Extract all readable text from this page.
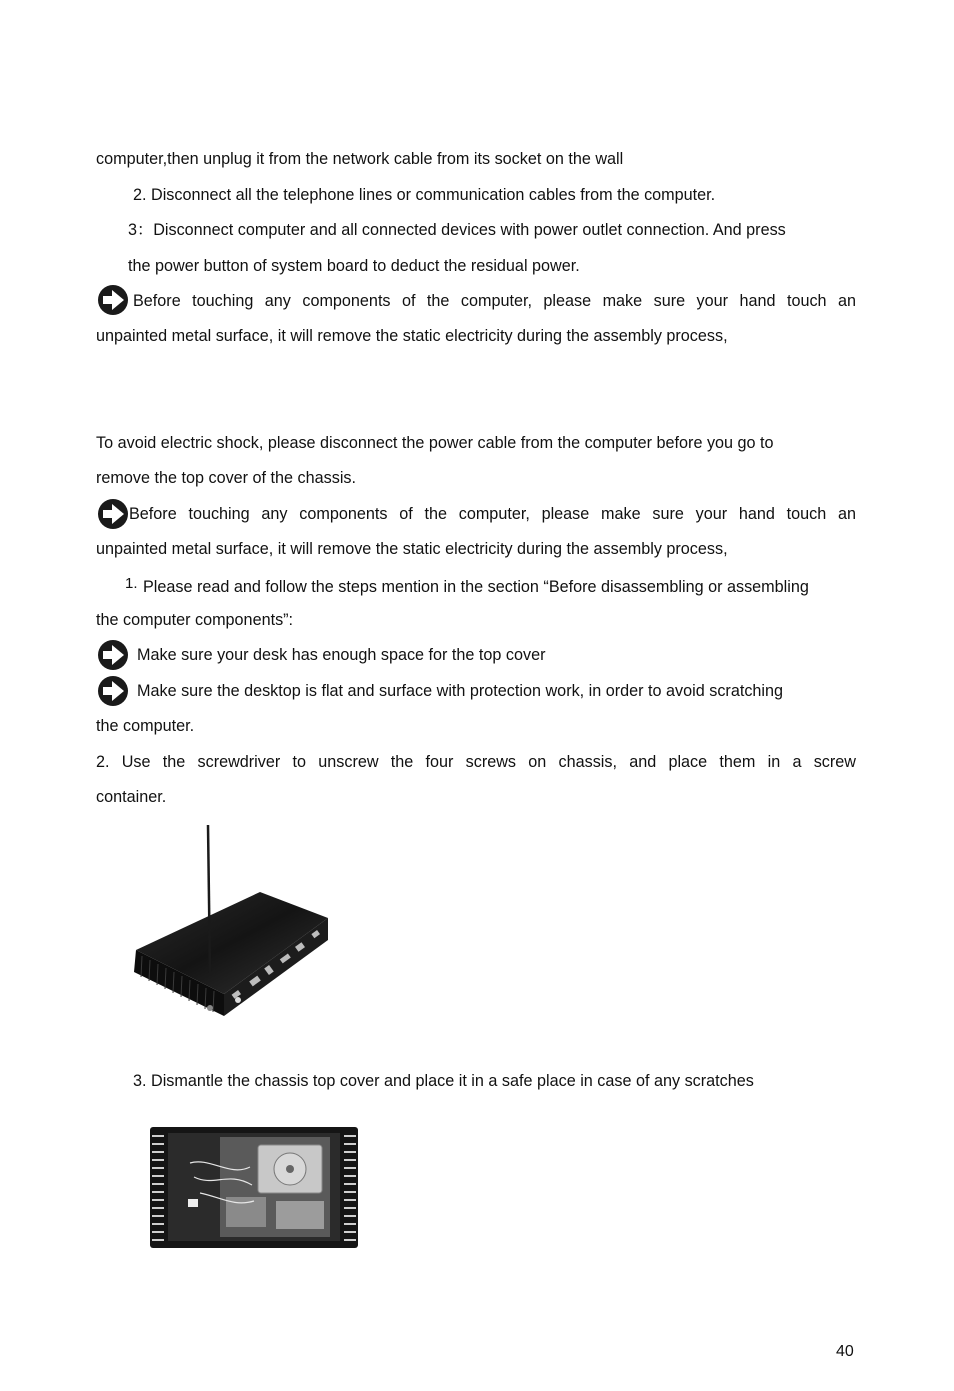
computer,then unplug it from the network cable from its socket on the wall
2. Disconnect all the telephone lines or communication cables from the computer.
3：Disconnect computer and all connected devices with power outlet connection. And press
the power button of system board to deduct the residual power.
Before touching any components of the computer, please make sure your hand touch an
unpainted metal surface, it will remove the static electricity during the assembly process,
To avoid electric shock, please disconnect the power cable from the computer before you go to
remove the top cover of the chassis.
Before touching any components of the computer, please make sure your hand touch an
unpainted metal surface, it will remove the static electricity during the assembly process,
1. Please read and follow the steps mention in the section “Before disassembling or assembling
the computer components”:
Make sure your desk has enough space for the top cover
Make sure the desktop is flat and surface with protection work, in order to avoid scratching
the computer.
2. Use the screwdriver to unscrew the four screws on chassis, and place them in a screw
container.
3. Dismantle the chassis top cover and place it in a safe place in case of any scratches
40
